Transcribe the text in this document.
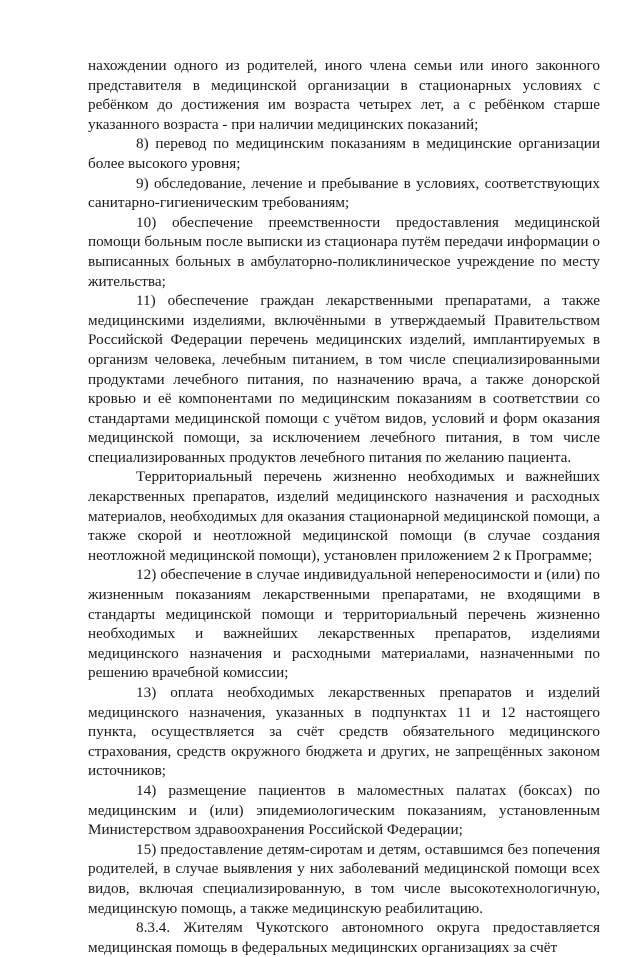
нахождении одного из родителей, иного члена семьи или иного законного представителя в медицинской организации в стационарных условиях с ребёнком до достижения им возраста четырех лет, а с ребёнком старше указанного возраста - при наличии медицинских показаний;

8) перевод по медицинским показаниям в медицинские организации более высокого уровня;

9) обследование, лечение и пребывание в условиях, соответствующих санитарно-гигиеническим требованиям;

10) обеспечение преемственности предоставления медицинской помощи больным после выписки из стационара путём передачи информации о выписанных больных в амбулаторно-поликлиническое учреждение по месту жительства;

11) обеспечение граждан лекарственными препаратами, а также медицинскими изделиями, включёнными в утверждаемый Правительством Российской Федерации перечень медицинских изделий, имплантируемых в организм человека, лечебным питанием, в том числе специализированными продуктами лечебного питания, по назначению врача, а также донорской кровью и её компонентами по медицинским показаниям в соответствии со стандартами медицинской помощи с учётом видов, условий и форм оказания медицинской помощи, за исключением лечебного питания, в том числе специализированных продуктов лечебного питания по желанию пациента.

Территориальный перечень жизненно необходимых и важнейших лекарственных препаратов, изделий медицинского назначения и расходных материалов, необходимых для оказания стационарной медицинской помощи, а также скорой и неотложной медицинской помощи (в случае создания неотложной медицинской помощи), установлен приложением 2 к Программе;

12) обеспечение в случае индивидуальной непереносимости и (или) по жизненным показаниям лекарственными препаратами, не входящими в стандарты медицинской помощи и территориальный перечень жизненно необходимых и важнейших лекарственных препаратов, изделиями медицинского назначения и расходными материалами, назначенными по решению врачебной комиссии;

13) оплата необходимых лекарственных препаратов и изделий медицинского назначения, указанных в подпунктах 11 и 12 настоящего пункта, осуществляется за счёт средств обязательного медицинского страхования, средств окружного бюджета и других, не запрещённых законом источников;

14) размещение пациентов в маломестных палатах (боксах) по медицинским и (или) эпидемиологическим показаниям, установленным Министерством здравоохранения Российской Федерации;

15) предоставление детям-сиротам и детям, оставшимся без попечения родителей, в случае выявления у них заболеваний медицинской помощи всех видов, включая специализированную, в том числе высокотехнологичную, медицинскую помощь, а также медицинскую реабилитацию.

8.3.4. Жителям Чукотского автономного округа предоставляется медицинская помощь в федеральных медицинских организациях за счёт
